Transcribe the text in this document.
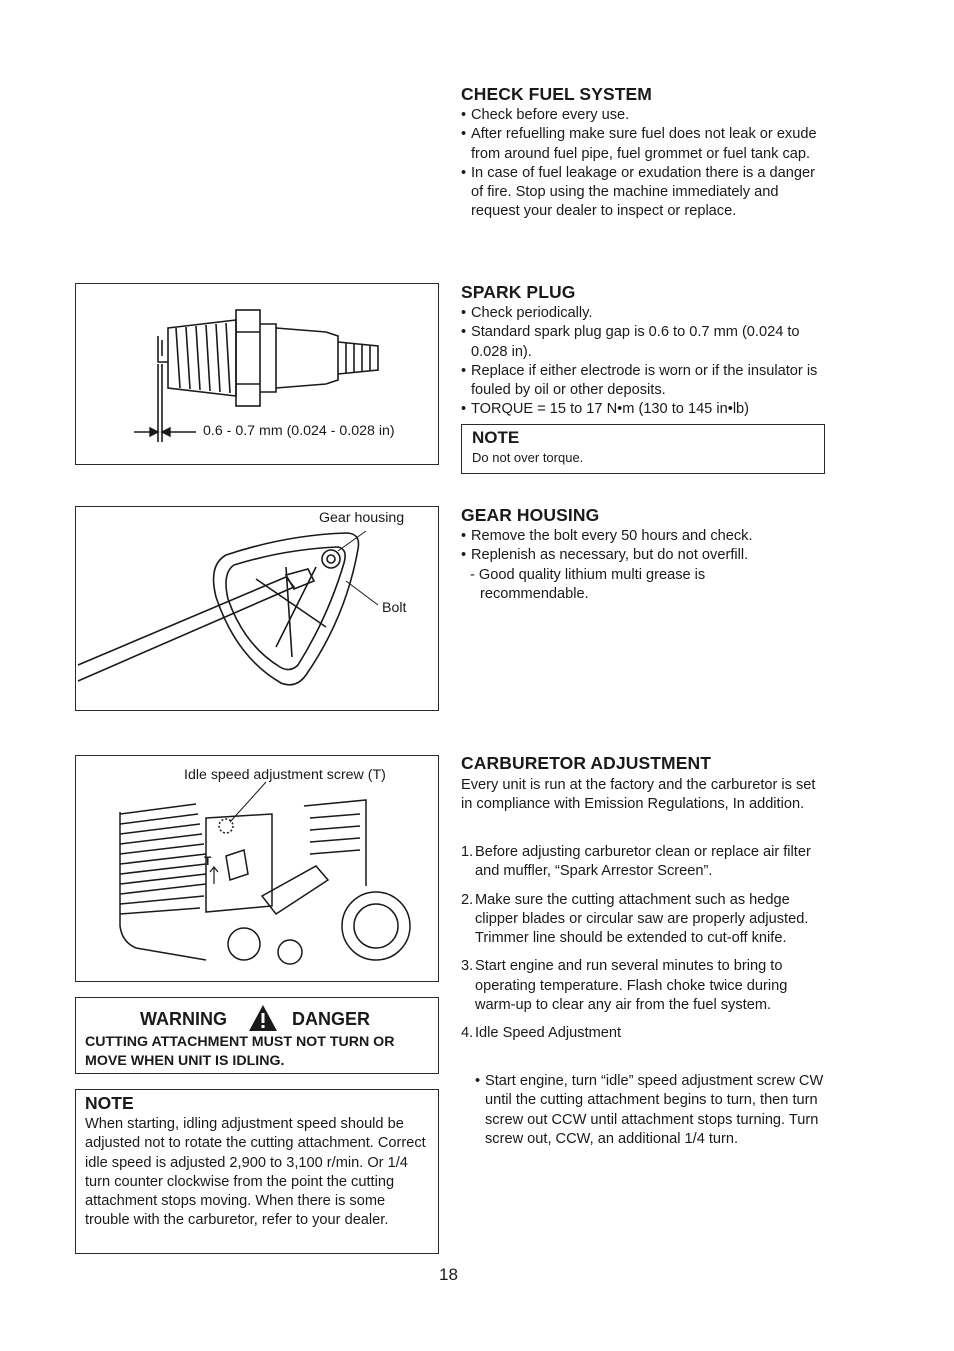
CHECK FUEL SYSTEM
• Check before every use.
• After refuelling make sure fuel does not leak or exude from around fuel pipe, fuel grommet or fuel tank cap.
• In case of fuel leakage or exudation there is a danger of fire. Stop using the machine immediately and request your dealer to inspect or replace.
SPARK PLUG
• Check periodically.
• Standard spark plug gap is 0.6 to 0.7 mm (0.024 to 0.028 in).
• Replace if either electrode is worn or if the insulator is fouled by oil or other deposits.
• TORQUE = 15 to 17 N•m (130 to 145 in•lb)
NOTE
Do not over torque.
GEAR HOUSING
• Remove the bolt every 50 hours and check.
• Replenish as necessary, but do not overfill.
- Good quality lithium multi grease is recommendable.
CARBURETOR ADJUSTMENT
Every unit is run at the factory and the carburetor is set in compliance with Emission Regulations, In addition.
1. Before adjusting carburetor clean or replace air filter and muffler, “Spark Arrestor Screen”.
2. Make sure the cutting attachment such as hedge clipper blades or circular saw are properly adjusted. Trimmer line should be extended to cut-off knife.
3. Start engine and run several minutes to bring to operating temperature. Flash choke twice during warm-up to clear any air from the fuel system.
4. Idle Speed Adjustment
• Start engine, turn “idle” speed adjustment screw CW until the cutting attachment begins to turn, then turn screw out CCW until attachment stops turning. Turn screw out, CCW, an additional 1/4 turn.
0.6 - 0.7 mm (0.024 - 0.028 in)
Gear housing
Bolt
T
Idle speed adjustment screw (T)
WARNING	DANGER
CUTTING ATTACHMENT MUST NOT TURN OR MOVE WHEN UNIT IS IDLING.
NOTE
When starting, idling adjustment speed should be adjusted not to rotate the cutting attachment. Correct idle speed is adjusted 2,900 to 3,100 r/min. Or 1/4 turn counter clockwise from the point the cutting attachment stops moving. When there is some trouble with the carburetor, refer to your dealer.
18
